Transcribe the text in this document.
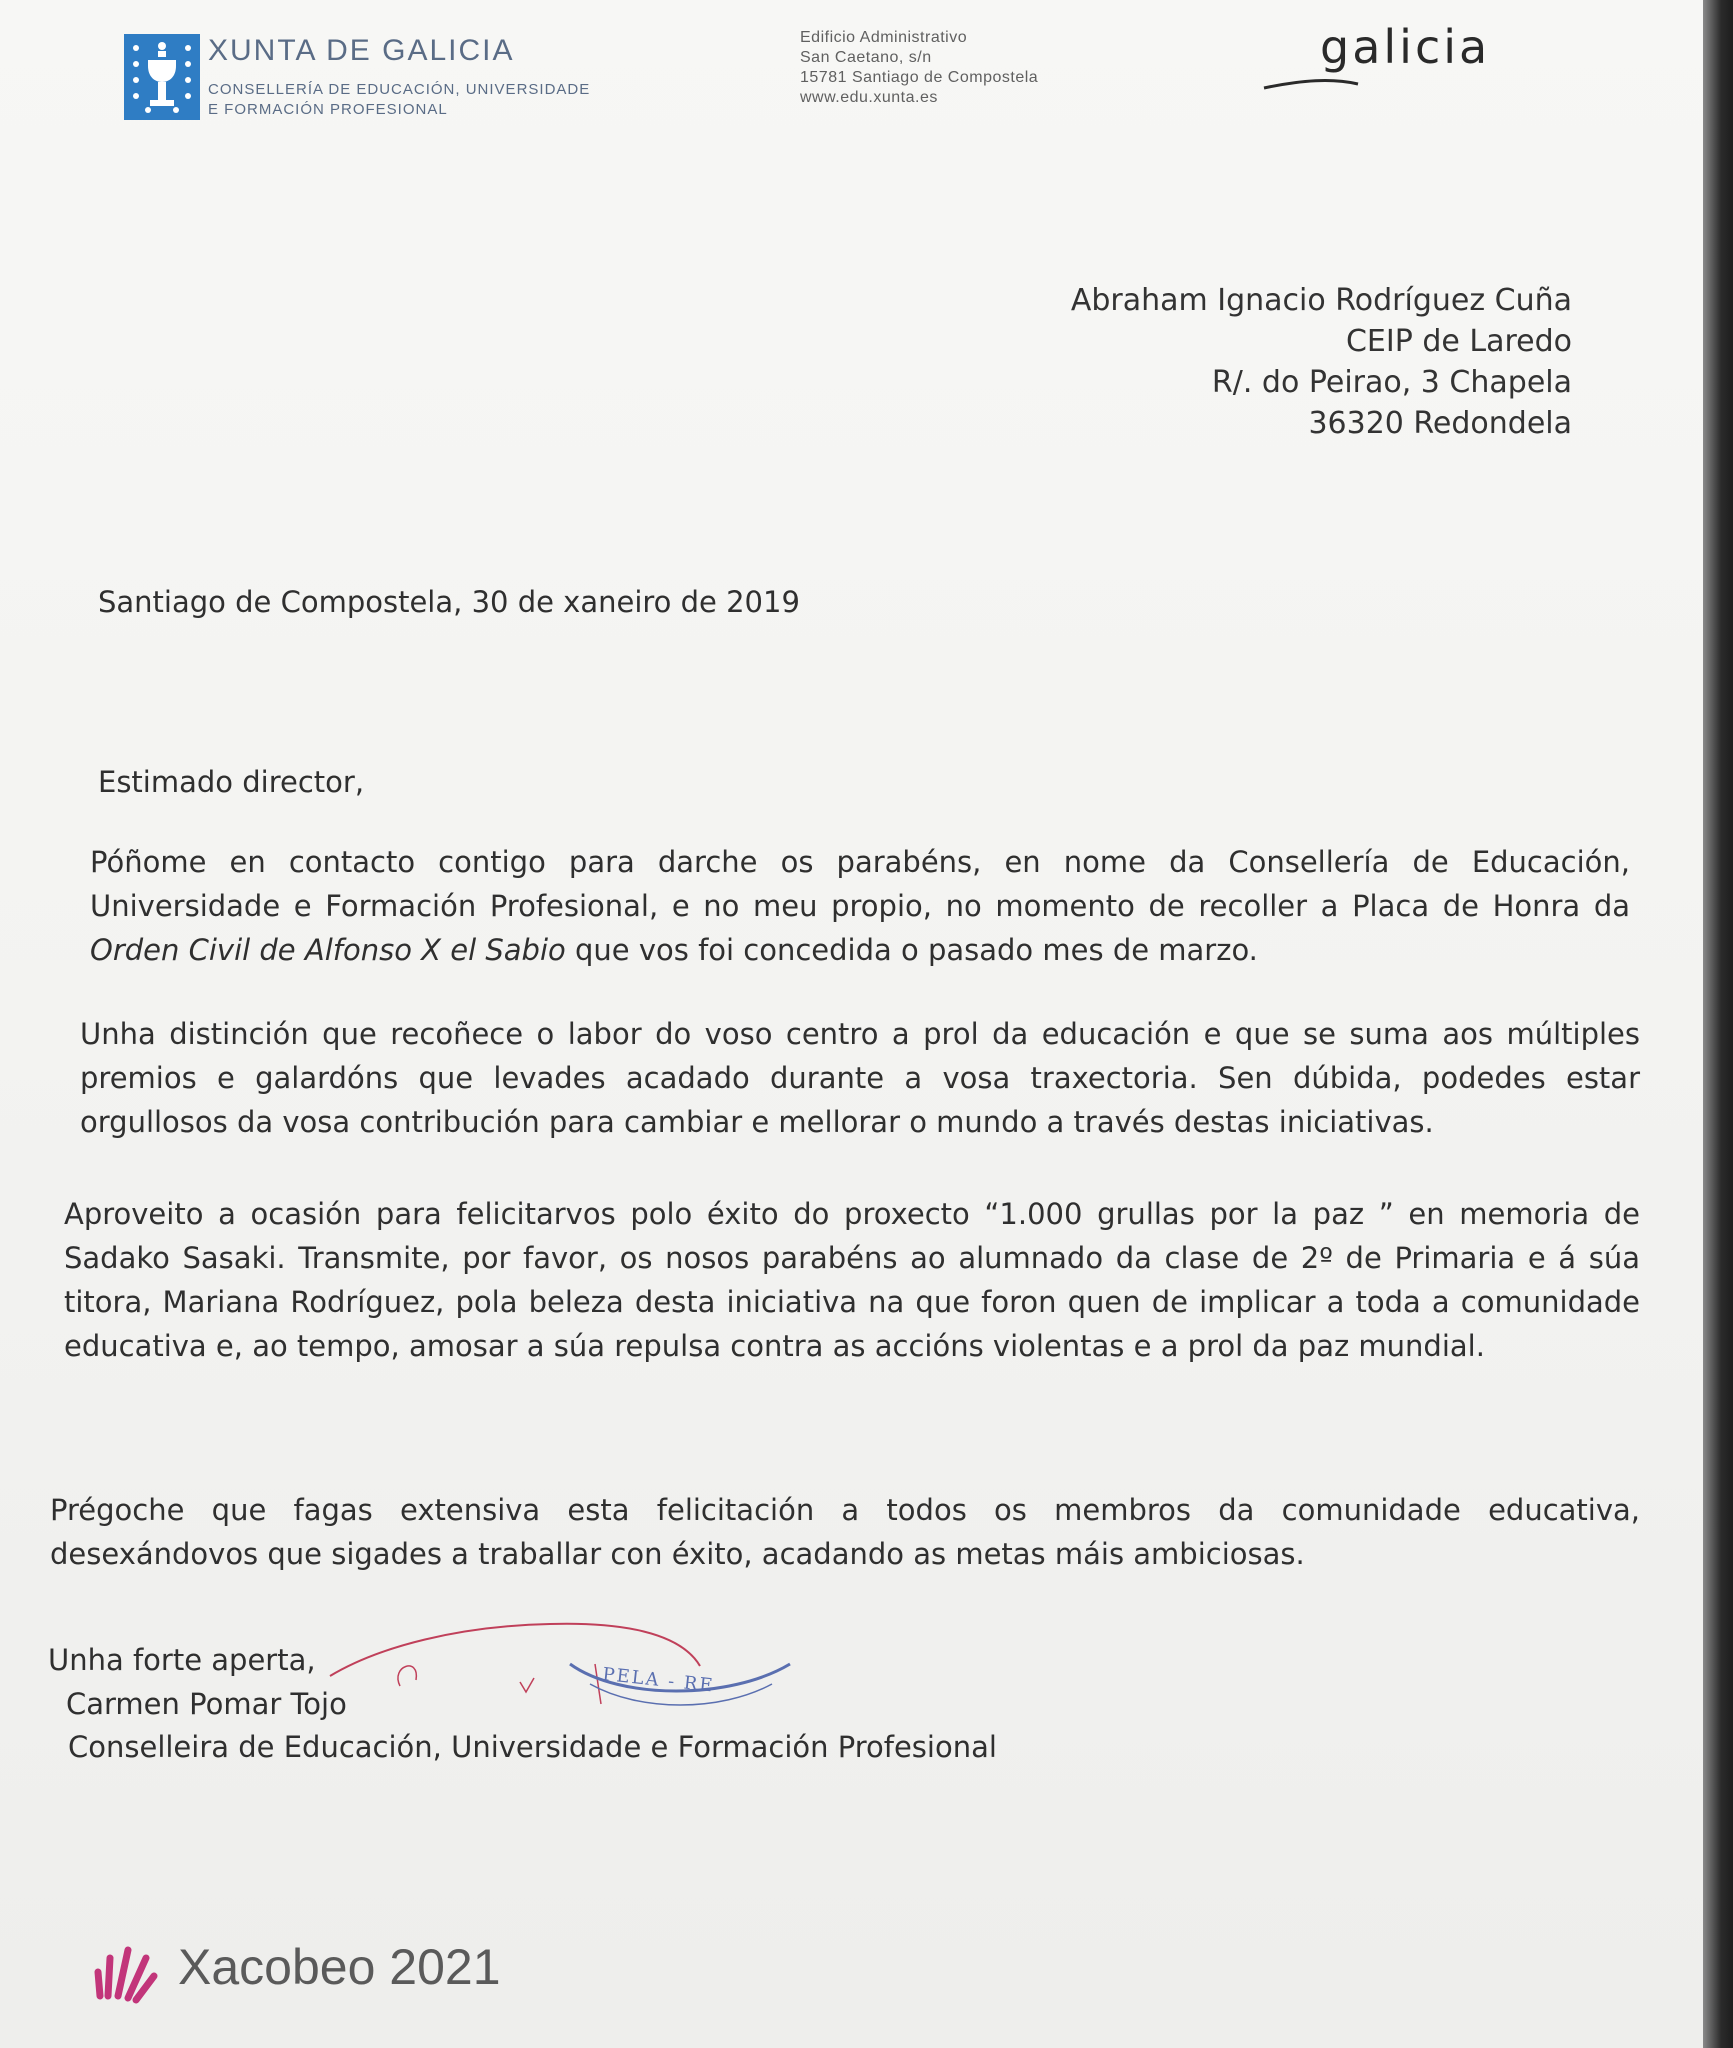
XUNTA DE GALICIA
CONSELLERÍA DE EDUCACIÓN, UNIVERSIDADE
E FORMACIÓN PROFESIONAL
Edificio Administrativo
San Caetano, s/n
15781 Santiago de Compostela
www.edu.xunta.es
galicia
Abraham Ignacio Rodríguez Cuña
CEIP de Laredo
R/. do Peirao, 3 Chapela
36320 Redondela
Santiago de Compostela, 30 de xaneiro de 2019
Estimado director,
Póñome en contacto contigo para darche os parabéns, en nome da Consellería de Educación, Universidade e Formación Profesional, e no meu propio, no momento de recoller a Placa de Honra da Orden Civil de Alfonso X el Sabio que vos foi concedida o pasado mes de marzo.
Unha distinción que recoñece o labor do voso centro a prol da educación e que se suma aos múltiples premios e galardóns que levades acadado durante a vosa traxectoria. Sen dúbida, podedes estar orgullosos da vosa contribución para cambiar e mellorar o mundo a través destas iniciativas.
Aproveito a ocasión para felicitarvos polo éxito do proxecto “1.000 grullas por la paz ” en memoria de Sadako Sasaki. Transmite, por favor, os nosos parabéns ao alumnado da clase de 2º de Primaria e á súa titora, Mariana Rodríguez, pola beleza desta iniciativa na que foron quen de implicar a toda a comunidade educativa e, ao tempo, amosar a súa repulsa contra as accións violentas e a prol da paz mundial.
Prégoche que fagas extensiva esta felicitación a todos os membros da comunidade educativa, desexándovos que sigades a traballar con éxito, acadando as metas máis ambiciosas.
PELA - RE
Unha forte aperta,
Carmen Pomar Tojo
Conselleira de Educación, Universidade e Formación Profesional
Xacobeo 2021
